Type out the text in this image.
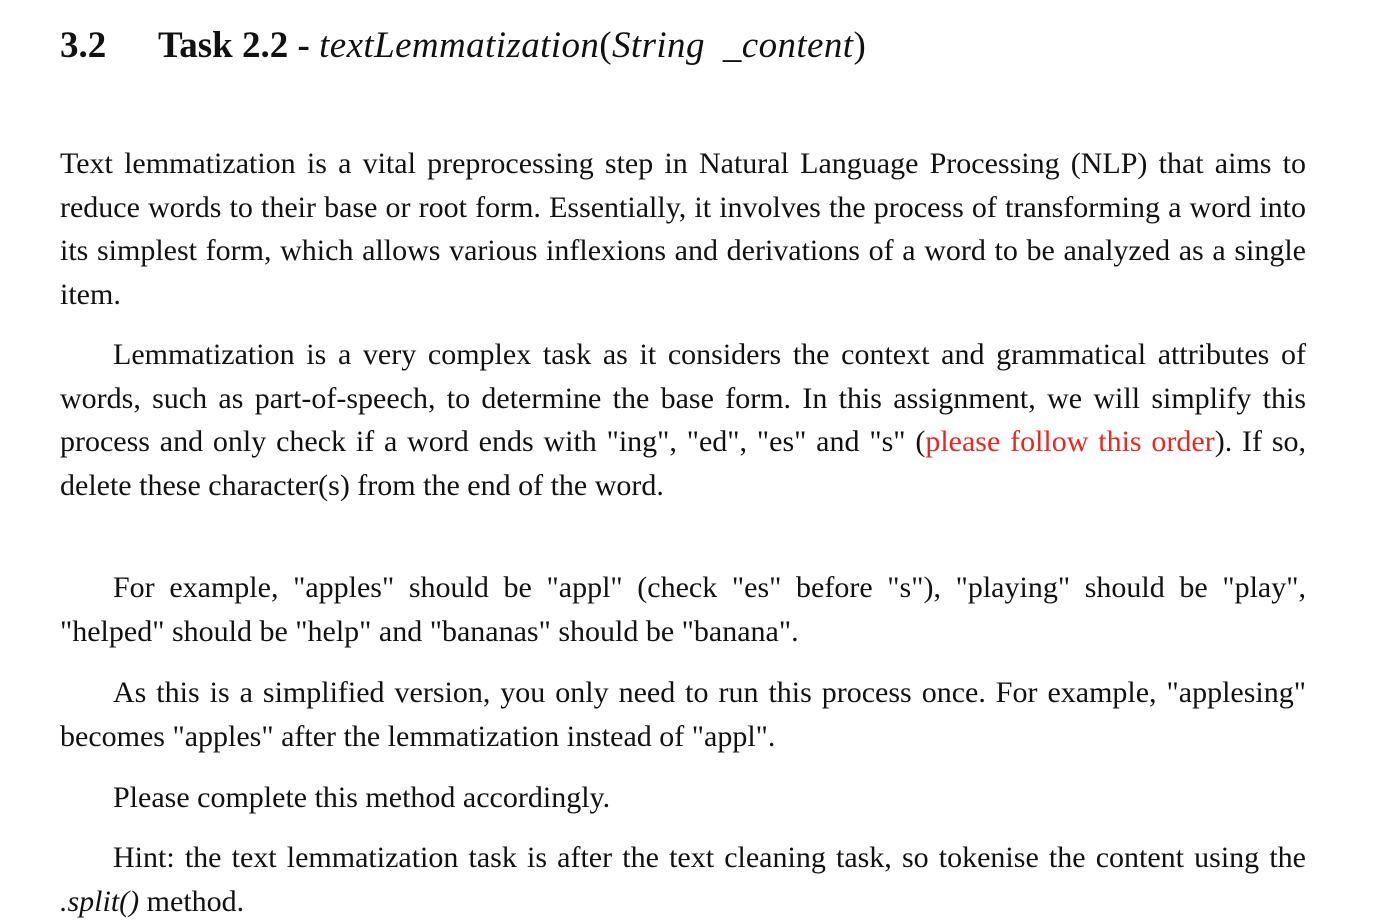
3.2 Task 2.2 - textLemmatization(String _content)

Text lemmatization is a vital preprocessing step in Natural Language Processing (NLP) that aims to reduce words to their base or root form. Essentially, it involves the process of transforming a word into its simplest form, which allows various inflexions and derivations of a word to be analyzed as a single item.

Lemmatization is a very complex task as it considers the context and grammatical attributes of words, such as part-of-speech, to determine the base form. In this assignment, we will simplify this process and only check if a word ends with "ing", "ed", "es" and "s" (please follow this order). If so, delete these character(s) from the end of the word.

For example, "apples" should be "appl" (check "es" before "s"), "playing" should be "play", "helped" should be "help" and "bananas" should be "banana".

As this is a simplified version, you only need to run this process once. For example, "applesing" becomes "apples" after the lemmatization instead of "appl".

Please complete this method accordingly.

Hint: the text lemmatization task is after the text cleaning task, so tokenise the content using the .split() method.
